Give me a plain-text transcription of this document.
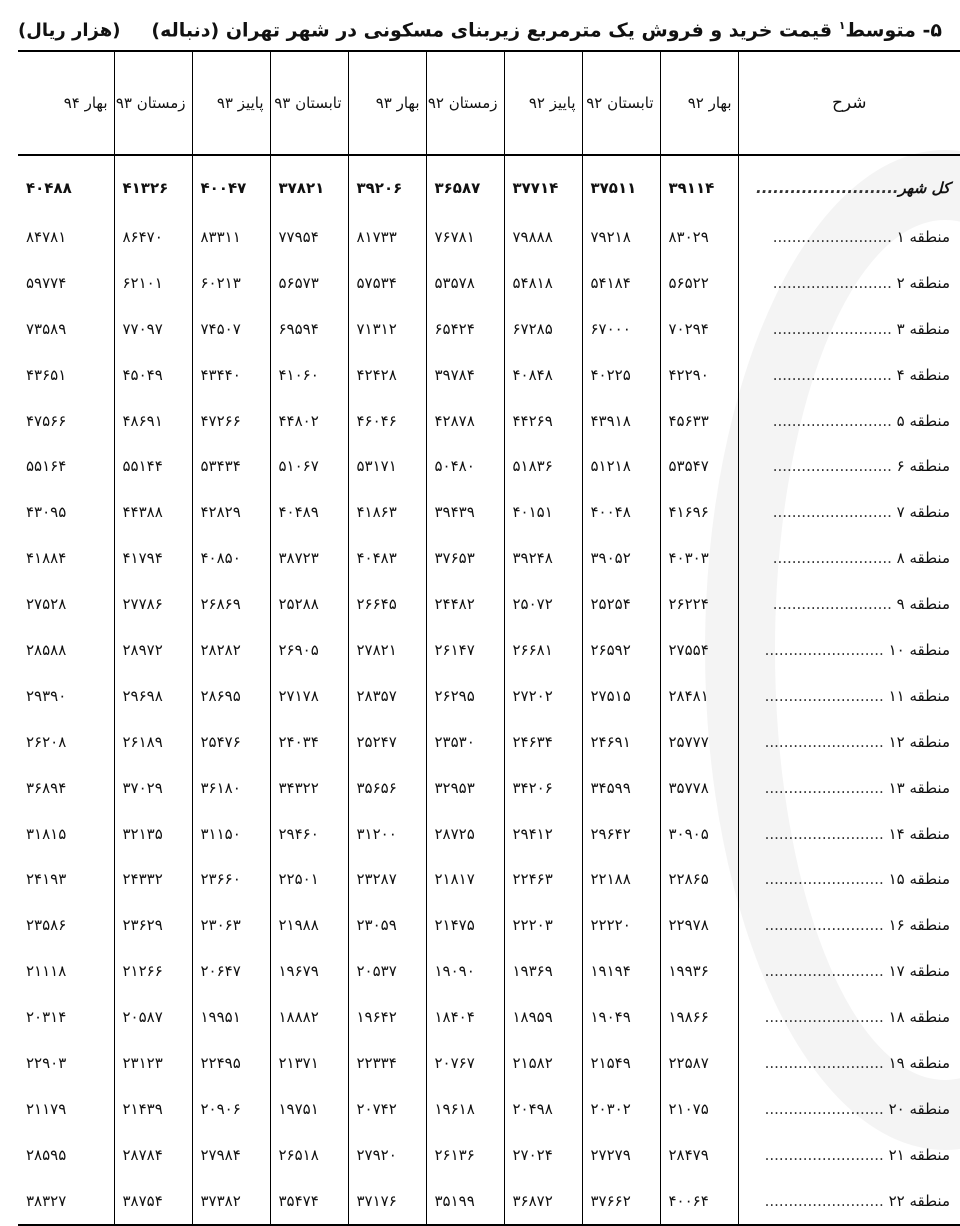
(هزار ریال)	۵- متوسط$^۱$ قیمت خرید و فروش یک مترمربع زیربنای مسکونی در شهر تهران (دنباله)
شرح	بهار ۹۲	تابستان ۹۲	پاییز ۹۲	زمستان ۹۲	بهار ۹۳	تابستان ۹۳	پاییز ۹۳	زمستان ۹۳	بهار ۹۴
کل شهر.........................	۳۹۱۱۴	۳۷۵۱۱	۳۷۷۱۴	۳۶۵۸۷	۳۹۲۰۶	۳۷۸۲۱	۴۰۰۴۷	۴۱۳۲۶	۴۰۴۸۸
منطقه ۱ .........................	۸۳۰۲۹	۷۹۲۱۸	۷۹۸۸۸	۷۶۷۸۱	۸۱۷۳۳	۷۷۹۵۴	۸۳۳۱۱	۸۶۴۷۰	۸۴۷۸۱
منطقه ۲ .........................	۵۶۵۲۲	۵۴۱۸۴	۵۴۸۱۸	۵۳۵۷۸	۵۷۵۳۴	۵۶۵۷۳	۶۰۲۱۳	۶۲۱۰۱	۵۹۷۷۴
منطقه ۳ .........................	۷۰۲۹۴	۶۷۰۰۰	۶۷۲۸۵	۶۵۴۲۴	۷۱۳۱۲	۶۹۵۹۴	۷۴۵۰۷	۷۷۰۹۷	۷۳۵۸۹
منطقه ۴ .........................	۴۲۲۹۰	۴۰۲۲۵	۴۰۸۴۸	۳۹۷۸۴	۴۲۴۲۸	۴۱۰۶۰	۴۳۴۴۰	۴۵۰۴۹	۴۳۶۵۱
منطقه ۵ .........................	۴۵۶۳۳	۴۳۹۱۸	۴۴۲۶۹	۴۲۸۷۸	۴۶۰۴۶	۴۴۸۰۲	۴۷۲۶۶	۴۸۶۹۱	۴۷۵۶۶
منطقه ۶ .........................	۵۳۵۴۷	۵۱۲۱۸	۵۱۸۳۶	۵۰۴۸۰	۵۳۱۷۱	۵۱۰۶۷	۵۳۴۳۴	۵۵۱۴۴	۵۵۱۶۴
منطقه ۷ .........................	۴۱۶۹۶	۴۰۰۴۸	۴۰۱۵۱	۳۹۴۳۹	۴۱۸۶۳	۴۰۴۸۹	۴۲۸۲۹	۴۴۳۸۸	۴۳۰۹۵
منطقه ۸ .........................	۴۰۳۰۳	۳۹۰۵۲	۳۹۲۴۸	۳۷۶۵۳	۴۰۴۸۳	۳۸۷۲۳	۴۰۸۵۰	۴۱۷۹۴	۴۱۸۸۴
منطقه ۹ .........................	۲۶۲۲۴	۲۵۲۵۴	۲۵۰۷۲	۲۴۴۸۲	۲۶۶۴۵	۲۵۲۸۸	۲۶۸۶۹	۲۷۷۸۶	۲۷۵۲۸
منطقه ۱۰ .........................	۲۷۵۵۴	۲۶۵۹۲	۲۶۶۸۱	۲۶۱۴۷	۲۷۸۲۱	۲۶۹۰۵	۲۸۲۸۲	۲۸۹۷۲	۲۸۵۸۸
منطقه ۱۱ .........................	۲۸۴۸۱	۲۷۵۱۵	۲۷۲۰۲	۲۶۲۹۵	۲۸۳۵۷	۲۷۱۷۸	۲۸۶۹۵	۲۹۶۹۸	۲۹۳۹۰
منطقه ۱۲ .........................	۲۵۷۷۷	۲۴۶۹۱	۲۴۶۳۴	۲۳۵۳۰	۲۵۲۴۷	۲۴۰۳۴	۲۵۴۷۶	۲۶۱۸۹	۲۶۲۰۸
منطقه ۱۳ .........................	۳۵۷۷۸	۳۴۵۹۹	۳۴۲۰۶	۳۲۹۵۳	۳۵۶۵۶	۳۴۳۲۲	۳۶۱۸۰	۳۷۰۲۹	۳۶۸۹۴
منطقه ۱۴ .........................	۳۰۹۰۵	۲۹۶۴۲	۲۹۴۱۲	۲۸۷۲۵	۳۱۲۰۰	۲۹۴۶۰	۳۱۱۵۰	۳۲۱۳۵	۳۱۸۱۵
منطقه ۱۵ .........................	۲۲۸۶۵	۲۲۱۸۸	۲۲۴۶۳	۲۱۸۱۷	۲۳۲۸۷	۲۲۵۰۱	۲۳۶۶۰	۲۴۳۳۲	۲۴۱۹۳
منطقه ۱۶ .........................	۲۲۹۷۸	۲۲۲۲۰	۲۲۲۰۳	۲۱۴۷۵	۲۳۰۵۹	۲۱۹۸۸	۲۳۰۶۳	۲۳۶۲۹	۲۳۵۸۶
منطقه ۱۷ .........................	۱۹۹۳۶	۱۹۱۹۴	۱۹۳۶۹	۱۹۰۹۰	۲۰۵۳۷	۱۹۶۷۹	۲۰۶۴۷	۲۱۲۶۶	۲۱۱۱۸
منطقه ۱۸ .........................	۱۹۸۶۶	۱۹۰۴۹	۱۸۹۵۹	۱۸۴۰۴	۱۹۶۴۲	۱۸۸۸۲	۱۹۹۵۱	۲۰۵۸۷	۲۰۳۱۴
منطقه ۱۹ .........................	۲۲۵۸۷	۲۱۵۴۹	۲۱۵۸۲	۲۰۷۶۷	۲۲۳۳۴	۲۱۳۷۱	۲۲۴۹۵	۲۳۱۲۳	۲۲۹۰۳
منطقه ۲۰ .........................	۲۱۰۷۵	۲۰۳۰۲	۲۰۴۹۸	۱۹۶۱۸	۲۰۷۴۲	۱۹۷۵۱	۲۰۹۰۶	۲۱۴۳۹	۲۱۱۷۹
منطقه ۲۱ .........................	۲۸۴۷۹	۲۷۲۷۹	۲۷۰۲۴	۲۶۱۳۶	۲۷۹۲۰	۲۶۵۱۸	۲۷۹۸۴	۲۸۷۸۴	۲۸۵۹۵
منطقه ۲۲ .........................	۴۰۰۶۴	۳۷۶۶۲	۳۶۸۷۲	۳۵۱۹۹	۳۷۱۷۶	۳۵۴۷۴	۳۷۳۸۲	۳۸۷۵۴	۳۸۳۲۷
